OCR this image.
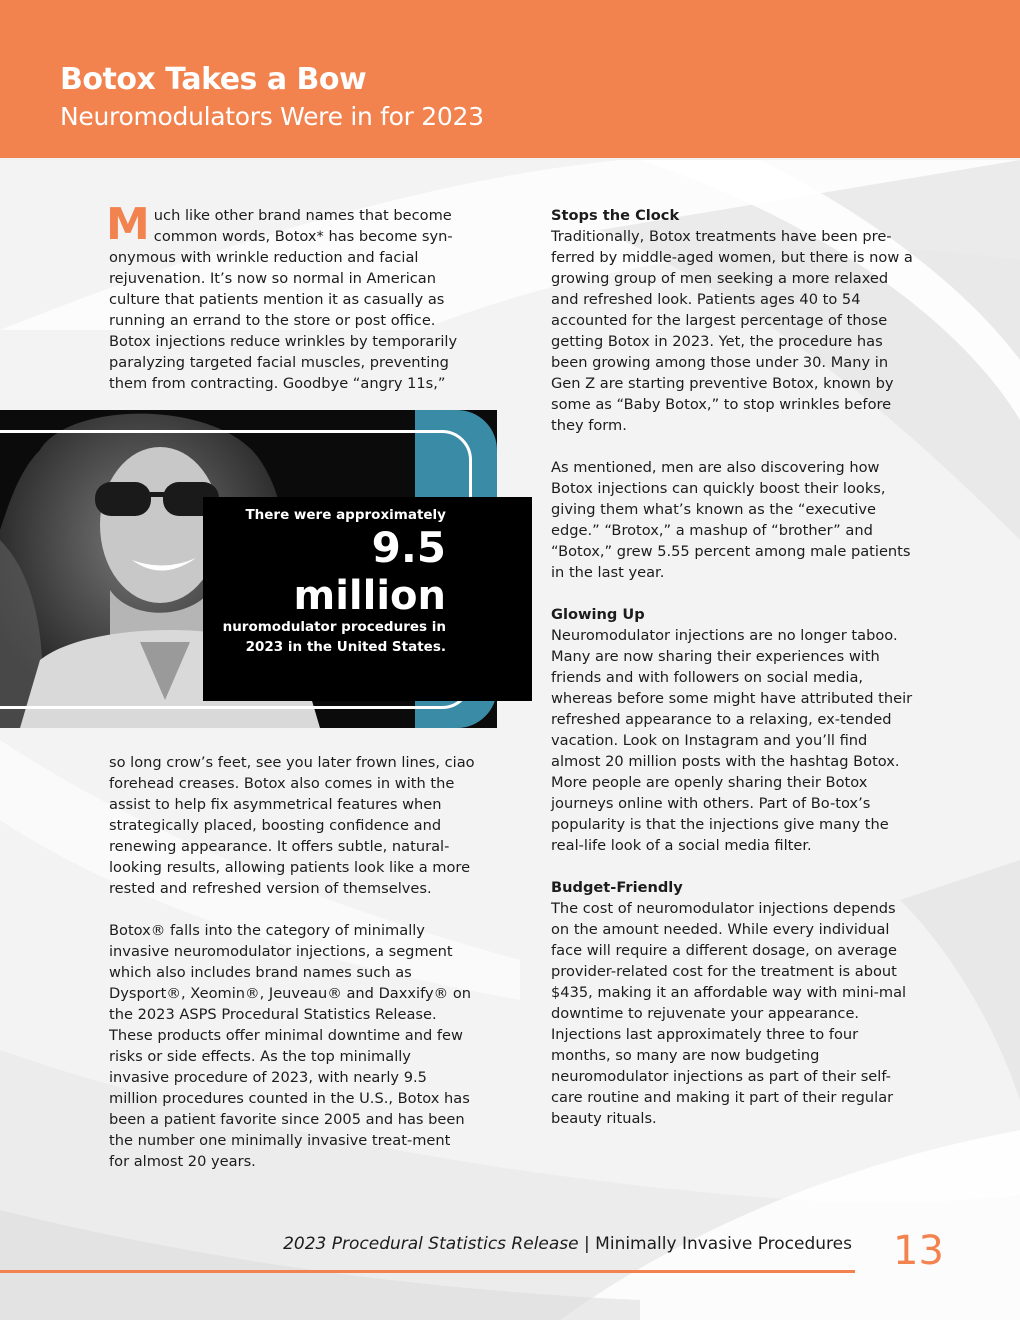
Botox Takes a Bow
Neuromodulators Were in for 2023

Much like other brand names that become common words, Botox* has become syn-onymous with wrinkle reduction and facial rejuvenation. It’s now so normal in American culture that patients mention it as casually as running an errand to the store or post office. Botox injections reduce wrinkles by temporarily paralyzing targeted facial muscles, preventing them from contracting. Goodbye “angry 11s,”

There were approximately
9.5
million
nuromodulator procedures in 2023 in the United States.

so long crow’s feet, see you later frown lines, ciao forehead creases. Botox also comes in with the assist to help fix asymmetrical features when strategically placed, boosting confidence and renewing appearance. It offers subtle, natural-looking results, allowing patients look like a more rested and refreshed version of themselves.

Botox® falls into the category of minimally invasive neuromodulator injections, a segment which also includes brand names such as Dysport®, Xeomin®, Jeuveau® and Daxxify® on the 2023 ASPS Procedural Statistics Release. These products offer minimal downtime and few risks or side effects. As the top minimally invasive procedure of 2023, with nearly 9.5 million procedures counted in the U.S., Botox has been a patient favorite since 2005 and has been the number one minimally invasive treat-ment for almost 20 years.

Stops the Clock

Traditionally, Botox treatments have been pre-ferred by middle-aged women, but there is now a growing group of men seeking a more relaxed and refreshed look. Patients ages 40 to 54 accounted for the largest percentage of those getting Botox in 2023. Yet, the procedure has been growing among those under 30. Many in Gen Z are starting preventive Botox, known by some as “Baby Botox,” to stop wrinkles before they form.

As mentioned, men are also discovering how Botox injections can quickly boost their looks, giving them what’s known as the “executive edge.” “Brotox,” a mashup of “brother” and “Botox,” grew 5.55 percent among male patients in the last year.

Glowing Up

Neuromodulator injections are no longer taboo. Many are now sharing their experiences with friends and with followers on social media, whereas before some might have attributed their refreshed appearance to a relaxing, ex-tended vacation. Look on Instagram and you’ll find almost 20 million posts with the hashtag Botox. More people are openly sharing their Botox journeys online with others. Part of Bo-tox’s popularity is that the injections give many the real-life look of a social media filter.

Budget-Friendly

The cost of neuromodulator injections depends on the amount needed. While every individual face will require a different dosage, on average provider-related cost for the treatment is about $435, making it an affordable way with mini-mal downtime to rejuvenate your appearance. Injections last approximately three to four months, so many are now budgeting neuromodulator injections as part of their self-care routine and making it part of their regular beauty rituals.

2023 Procedural Statistics Release | Minimally Invasive Procedures 13
